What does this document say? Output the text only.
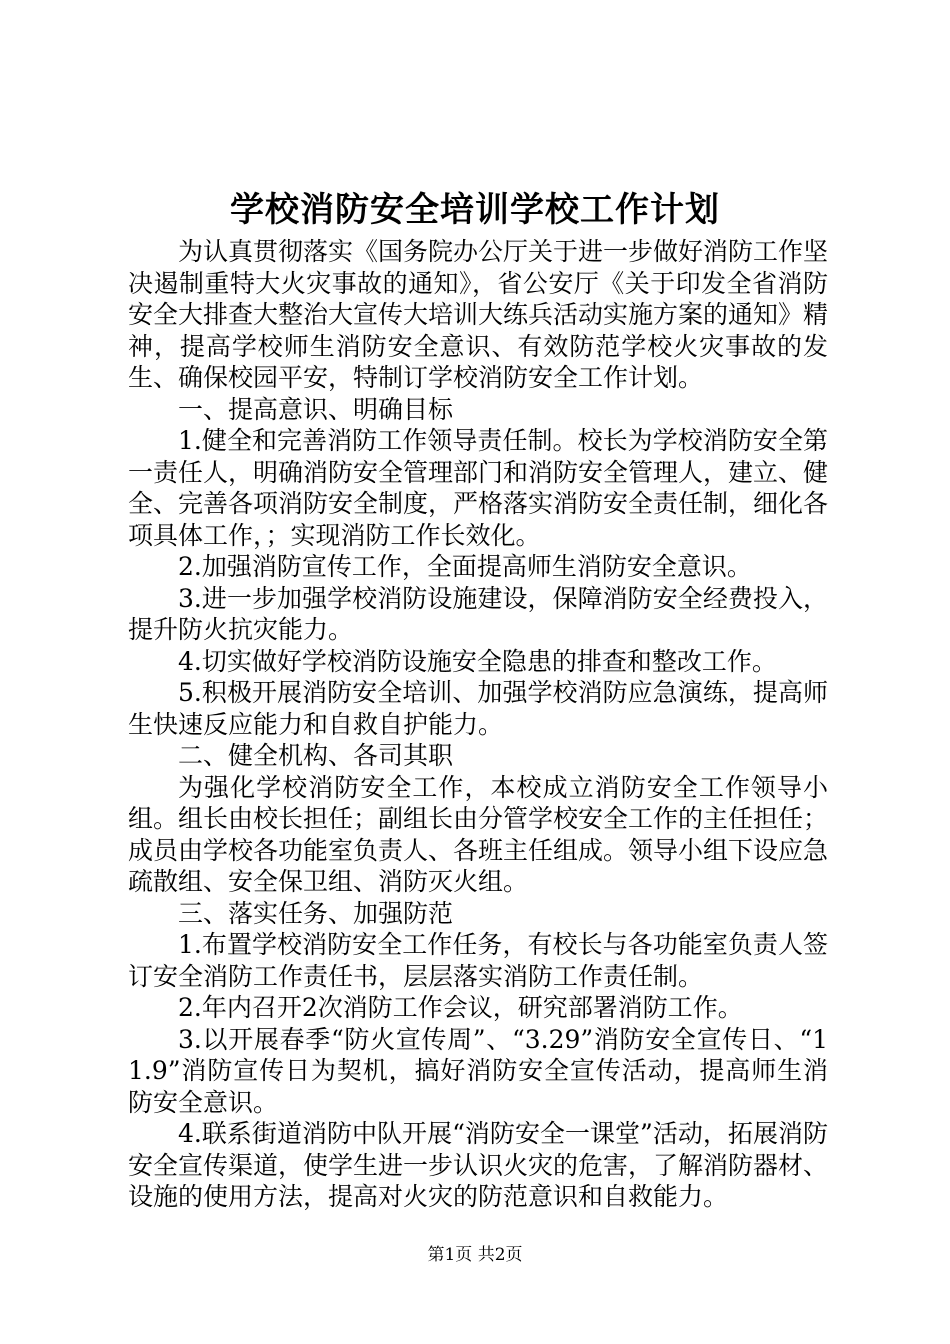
学校消防安全培训学校工作计划

为认真贯彻落实《国务院办公厅关于进一步做好消防工作坚决遏制重特大火灾事故的通知》，省公安厅《关于印发全省消防安全大排查大整治大宣传大培训大练兵活动实施方案的通知》精神，提高学校师生消防安全意识、有效防范学校火灾事故的发生、确保校园平安，特制订学校消防安全工作计划。

一、提高意识、明确目标

1.健全和完善消防工作领导责任制。校长为学校消防安全第一责任人，明确消防安全管理部门和消防安全管理人，建立、健全、完善各项消防安全制度，严格落实消防安全责任制，细化各项具体工作，；实现消防工作长效化。

2.加强消防宣传工作，全面提高师生消防安全意识。

3.进一步加强学校消防设施建设，保障消防安全经费投入，提升防火抗灾能力。

4.切实做好学校消防设施安全隐患的排查和整改工作。

5.积极开展消防安全培训、加强学校消防应急演练，提高师生快速反应能力和自救自护能力。

二、健全机构、各司其职

为强化学校消防安全工作，本校成立消防安全工作领导小组。组长由校长担任；副组长由分管学校安全工作的主任担任；成员由学校各功能室负责人、各班主任组成。领导小组下设应急疏散组、安全保卫组、消防灭火组。

三、落实任务、加强防范

1.布置学校消防安全工作任务，有校长与各功能室负责人签订安全消防工作责任书，层层落实消防工作责任制。

2.年内召开2次消防工作会议，研究部署消防工作。

3.以开展春季“防火宣传周”、“3.29”消防安全宣传日、“11.9”消防宣传日为契机，搞好消防安全宣传活动，提高师生消防安全意识。

4.联系街道消防中队开展“消防安全一课堂”活动，拓展消防安全宣传渠道，使学生进一步认识火灾的危害，了解消防器材、设施的使用方法，提高对火灾的防范意识和自救能力。

第1页 共2页
